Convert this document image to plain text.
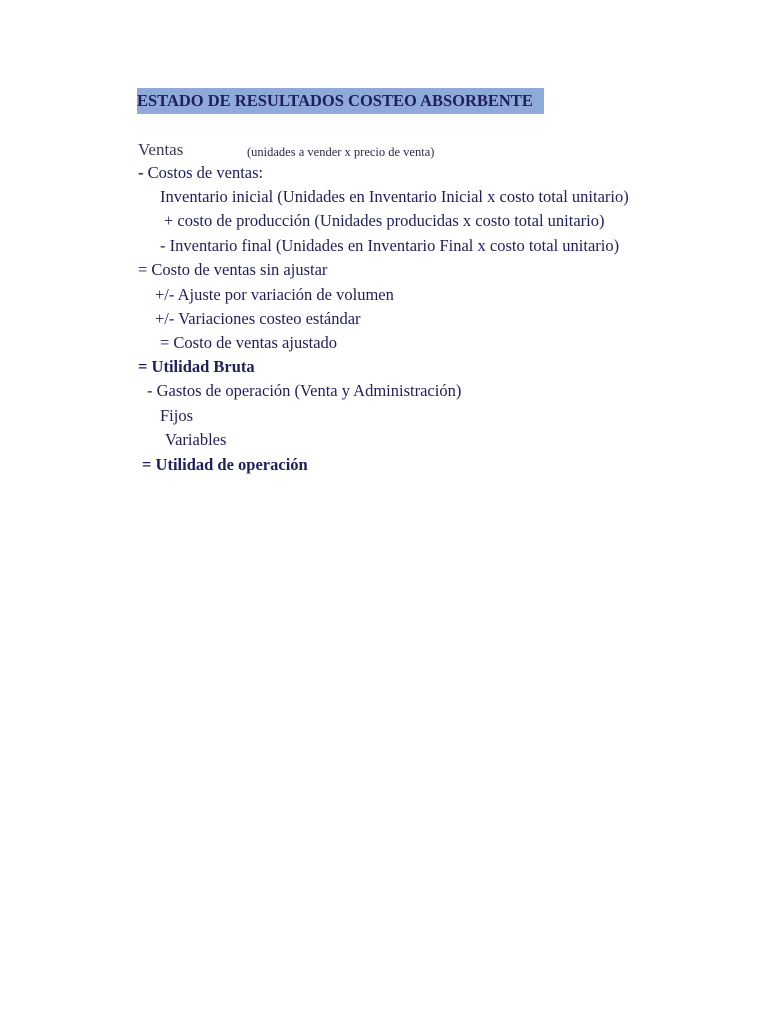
ESTADO DE RESULTADOS COSTEO ABSORBENTE
Ventas	(unidades a vender x precio de venta)
- Costos de ventas:
Inventario inicial (Unidades en Inventario Inicial x costo total unitario)
+ costo de producción (Unidades producidas x costo total unitario)
- Inventario final (Unidades en Inventario Final x costo total unitario)
= Costo de ventas sin ajustar
+/- Ajuste por variación de volumen
+/- Variaciones costeo estándar
= Costo de ventas ajustado
= Utilidad Bruta
- Gastos de operación (Venta y Administración)
Fijos
Variables
= Utilidad de operación
